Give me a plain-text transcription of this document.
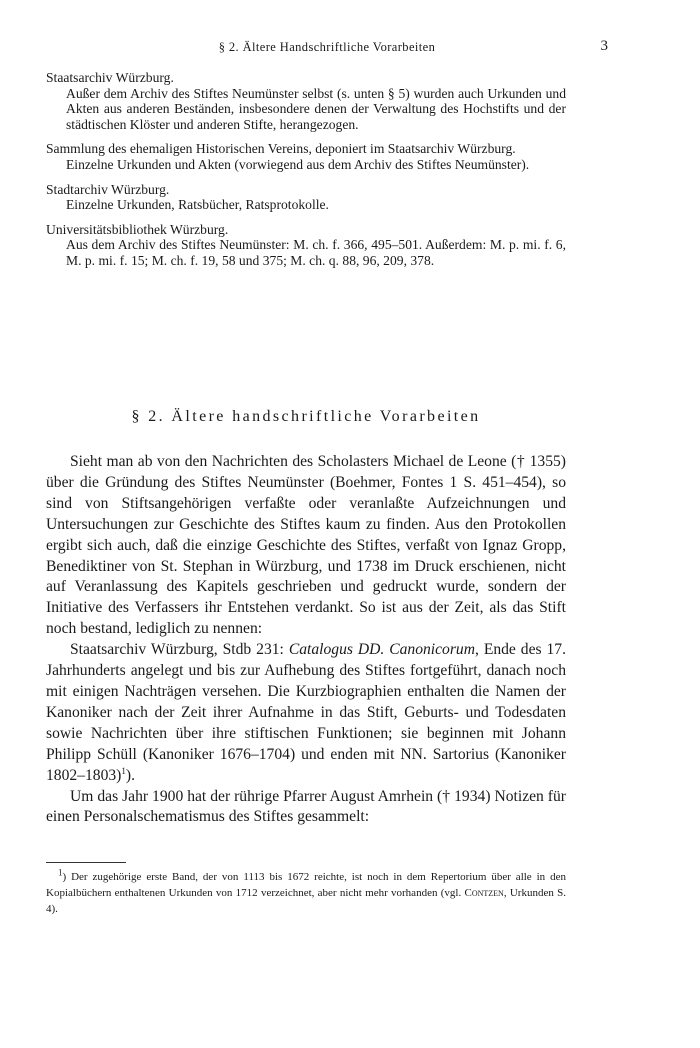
§ 2. Ältere Handschriftliche Vorarbeiten	3
Staatsarchiv Würzburg.
Außer dem Archiv des Stiftes Neumünster selbst (s. unten § 5) wurden auch Urkunden und Akten aus anderen Beständen, insbesondere denen der Verwaltung des Hochstifts und der städtischen Klöster und anderen Stifte, herangezogen.
Sammlung des ehemaligen Historischen Vereins, deponiert im Staatsarchiv Würzburg.
Einzelne Urkunden und Akten (vorwiegend aus dem Archiv des Stiftes Neumünster).
Stadtarchiv Würzburg.
Einzelne Urkunden, Ratsbücher, Ratsprotokolle.
Universitätsbibliothek Würzburg.
Aus dem Archiv des Stiftes Neumünster: M. ch. f. 366, 495–501. Außerdem: M. p. mi. f. 6, M. p. mi. f. 15; M. ch. f. 19, 58 und 375; M. ch. q. 88, 96, 209, 378.
§ 2. Ältere handschriftliche Vorarbeiten

Sieht man ab von den Nachrichten des Scholasters Michael de Leone († 1355) über die Gründung des Stiftes Neumünster (Boehmer, Fontes 1 S. 451–454), so sind von Stiftsangehörigen verfaßte oder veranlaßte Aufzeichnungen und Untersuchungen zur Geschichte des Stiftes kaum zu finden. Aus den Protokollen ergibt sich auch, daß die einzige Geschichte des Stiftes, verfaßt von Ignaz Gropp, Benediktiner von St. Stephan in Würzburg, und 1738 im Druck erschienen, nicht auf Veranlassung des Kapitels geschrieben und gedruckt wurde, sondern der Initiative des Verfassers ihr Entstehen verdankt. So ist aus der Zeit, als das Stift noch bestand, lediglich zu nennen:

Staatsarchiv Würzburg, Stdb 231: Catalogus DD. Canonicorum, Ende des 17. Jahrhunderts angelegt und bis zur Aufhebung des Stiftes fortgeführt, danach noch mit einigen Nachträgen versehen. Die Kurzbiographien enthalten die Namen der Kanoniker nach der Zeit ihrer Aufnahme in das Stift, Geburts- und Todesdaten sowie Nachrichten über ihre stiftischen Funktionen; sie beginnen mit Johann Philipp Schüll (Kanoniker 1676–1704) und enden mit NN. Sartorius (Kanoniker 1802–1803)$^1$).

Um das Jahr 1900 hat der rührige Pfarrer August Amrhein († 1934) Notizen für einen Personalschematismus des Stiftes gesammelt:

$^1$) Der zugehörige erste Band, der von 1113 bis 1672 reichte, ist noch in dem Repertorium über alle in den Kopialbüchern enthaltenen Urkunden von 1712 verzeichnet, aber nicht mehr vorhanden (vgl. Contzen, Urkunden S. 4).
